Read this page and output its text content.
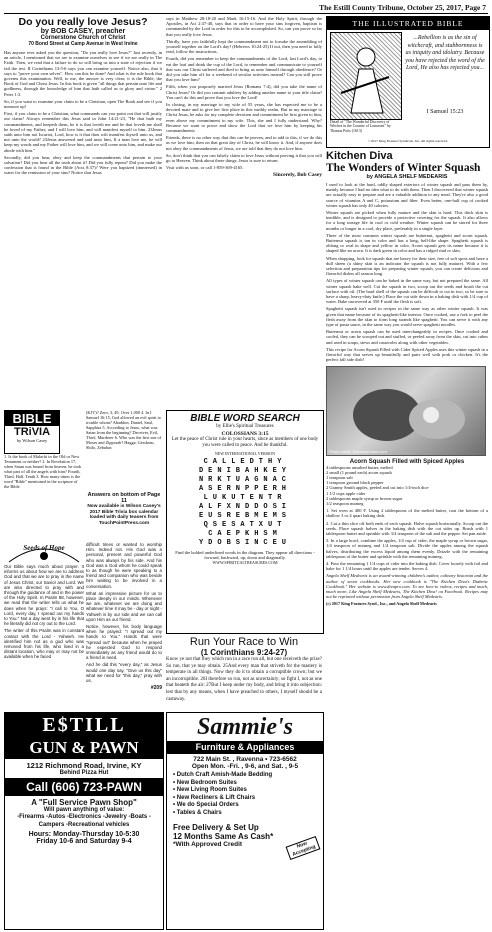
The Estill County Tribune, October 25, 2017, Page 7
Do you really love Jesus?
by BOB CASEY, preacher
Cornerstone Church of Christ
70 Bond Street at Camp Avenue in West Irvine

Has anyone ever asked you the question, "Do you really love Jesus?" Just recently, in an article, I mentioned that we are to examine ourselves to see if we are really in The Faith. Then, we read that a failure to do so will bring us into a state of rejection if we fail the test. II Corinthians 13:5-6 says you can examine yourself. Notice also, that it says to "prove your own selves". How can this be done? And what is the rule book that governs this examination. Well, to me, the answer is very clear; it is the Bible, the Book of God and Christ Jesus. In this book is given "all things that pertain unto life and godliness, through the knowledge of him that hath called us to glory and virtue." 2 Peter 1:3.

So, if you want to examine your claim to be a Christian, open The Book and see if you measure up!

First, if you claim to be a Christian, what commands can you point out that will justify our claim? Always remember this Jesus said in John 14:21-23, "He that hath my commandments, and keepeth them, he it is that loveth me and he that loveth me shall be loved of my Father, and I will love him, and will manifest myself to him. 23Jesus saith unto him not Iscariot, Lord, how is it that thou wilt manifest thyself unto us, and not unto the world? 23Jesus answered and said unto him, If a man love me, he will keep my words and my Father will love him, and we will come unto him, and make our abode with him."

Secondly, did you hear, obey and keep the commandments that pertain to your salvation? Did you hear all the truth about it? Did you fully repent? Did you make the confession that is found in the Bible (Acts 8:37)? Were you baptized (immersed) in water for the remission of your sins? Notice that Jesus

says in Matthew 28:18-20 and Mark 16:15-16. And the Holy Spirit, through the Apostles, in Act 2:37-40, says that in order to have your sins forgiven, baptism is commanded by the Lord in order for this to be accomplished. So, can you prove so far that you really love Jesus.

Thirdly, have you faithfully kept the commandment not to forsake the assembling of yourself together on the Lord's day? (Hebrews 10:24-25) If not, then you need to fully read, follow the instructions.

Fourth, did you remember to keep the commandments of the Lord, last Lord's day, to eat the loaf and drink the cup of the Lord, to remember and communicate to yourself that was our Christ suffered and died to bring us unto himself through obedience? Or did you take him off for a weekend of secular activities instead? Can you still prove that you love him?

Fifth, when you purposely married Jesus (Romans 7:4), did you take the name of Christ Jesus? Or did you commit adultery by adding another name to your title claim? You can't do this and prove that you love the Lord!

In closing, in my marriage to my wife of 55 years, she has expected me to be a devoted mate and to give her first place in this earthly realm. But in my marriage to Christ Jesus, he asks for my complete devotion and commitment he first given to him, even above my commitment to my wife. This, she and I fully understand. Why? Because we want to prove and show the Lord that we love him by keeping his commandments.

Friends, there is no other way that this can be proven, and to add to this, if we do this as we love him, then on that great day of Christ, he will know it. And, if anyone does not obey the commandments of Jesus, we are told that they do not love him.

So, don't think that you can falsely claim to love Jesus without proving it that you will go to Heaven. Think about these things. Jesus is sure to return.

Visit with us soon, or call 1-859-369-4165.

Sincerely, Bob Casey
THE ILLUSTRATED BIBLE
...Rebellion is as the sin of witchcraft, and stubbornness is as iniquity and idolatry. Because you have rejected the word of the Lord, He also has rejected you...
I Samuel 15:23
Detail of "The Wonderful Discovery of Witches in the Countie of Lancaster" by Thomas Potts (1613)
©2017 King Features Syndicate, Inc. All rights reserved.
Kitchen Diva
The Wonders of Winter Squash
by ANGELA SHELF MEDEARIS

I used to look at the hard, oddly shaped exteriors of winter squash and pass them by, mainly because I had no idea what to do with them. Then I discovered that winter squash are actually easy to prepare and are a valuable addition to any meal. They're also a good source of vitamins A and C, potassium and fiber. Even better, one-half cup of cooked winter squash has only 40 calories.

Winter squash are picked when fully mature and the skin is hard. This thick skin is inedible, and is designed to provide a protective covering for the squash. It also allows for a long storage life in cool or cold weather. Winter squash can be stored for three months or longer in a cool, dry place, preferably in a single layer.

Three of the most common winter squash are butternut, spaghetti and acorn squash. Butternut squash is tan in color and has a long, bell-like shape. Spaghetti squash is oblong or oval in shape and yellow in color. Acorn squash gets its name because it is shaped like an acorn. It is dark green in color and has a ridged rind or skin.

When shopping, look for squash that are heavy for their size, free of soft spots and have a dull sheen (a shiny skin is an indicator the squash is not fully mature). With a few selection and preparation tips for preparing winter squash, you can create delicious and flavorful dishes all season long.

All types of winter squash can be baked in the same way, but not prepared the same. All winter squash bake well. Cut the squash in two, scoop out the seeds and brush the cut surface with oil. (The hard shell of the squash can be difficult to cut in two, so be sure to have a sharp, heavy-duty knife.) Place the cut side down in a baking dish with 1/4 cup of water. Bake uncovered at 350 F until the flesh is soft.

Spaghetti squash isn't used in recipes in the same way as other winter squash. It was given that name because of its spaghetti-like interior. Once cooked, use a fork to peel the flesh away from the skin to form long strands like spaghetti. You can serve it with any type of pasta sauce, in the same way you would serve spaghetti noodles.

Butternut or acorn squash can be used interchangeably in recipes. Once cooked and cooled, they can be scooped out and stuffed, or peeled away from the skin, cut into cubes and used in soups, stews and casseroles along with other vegetables.

This recipe for Acorn Squash Filled with Cider Spiced Apples uses this winter squash in a flavorful way that serves up beautifully and pairs well with pork or chicken. It's the perfect fall side dish!

Photo credit: Depositphotos.com
Acorn Squash Filled with Spiced Apples
4 tablespoons unsalted butter, melted
2 small (1 pound each) acorn squash
1 teaspoon salt
1 teaspoon ground black pepper
2 Granny Smith apples, peeled and cut into 1/4-inch dice
1 1/2 cups apple cider
2 tablespoons maple syrup or brown sugar
1/2 teaspoon nutmeg

1. Set oven at 400 F. Using 2 tablespoons of the melted butter, coat the bottom of a shallow 3 or 4 quart baking dish.

2. Cut a thin slice off both ends of each squash. Halve squash horizontally. Scoop out the seeds. Place squash halves in the baking dish with the cut sides up. Brush with 1 tablespoon butter and sprinkle with 3/4 teaspoon of the salt and the pepper. Set pan aside.

3. In a large bowl, combine the apples, 1/4 cup of cider, the maple syrup or brown sugar, 1/4 teaspoon of nutmeg and 1/4 teaspoon salt. Divide the apples among the squash halves, distributing the excess liquid among them evenly. Drizzle with the remaining tablespoon of the butter and sprinkle with the remaining nutmeg.

4. Pour the remaining 1 1/4 cups of cider into the baking dish. Cover loosely with foil and bake for 1 1/4 hours until the apples are tender. Serves 4.

Angela Shelf Medearis is an award-winning children's author, culinary historian and the author of seven cookbooks. Her new cookbook is "The Kitchen Diva's Diabetic Cookbook." Her website is www.divapro.com. To see how-to videos, recipes and much, much more, Like Angela Shelf Medearis, The Kitchen Diva! on Facebook. Recipes may not be reprinted without permission from Angela Shelf Medearis.

(c) 2017 King Features Synd., Inc., and Angela Shelf Medearis
BIBLE
TRiVIA
by Wilson Casey
1. Is the book of Malachi in the Old or New Testament or neither? 2. In Revelation 17, when Satan was bound from heaven, he took what part of all the angels with him? Fourth, Third, Half, Tenth 3. How many times is the word "Bible" mentioned in the scripture of the Bible
(KJV)? Zero, 3, 49, Over 1,000 4. In I Samuel 16:15, God allowed an evil spirit to trouble whom? Abaddon, Daniel, Saul, Sapphira 5. According to Jesus, what was Satan from the beginning? Deceiver, Evil, Thief, Murderer 6. Who was the first son of Moses and Zipporah? Hagga, Gershom, Shilo, Zebulun
Answers on bottom of Page 11
Now available is Wilson Casey's 2017 Bible Trivia box calendar loaded with daily teasers from TouchPointPress.com
Seeds of Hope

Our Bible says much about prayer. It informs us about how we are to address God and that we are to pray in the name of Jesus Christ, our Savior and Lord. We are also directed to pray with and through the guidance of and in the power of the Holy Spirit. In Psalm 88, however, we read that the writer tells us what he does when he prays: "I call to You, O Lord, every day, I spread out my hands to You." Not a day went by in his life that he literally did not cry out to the Lord.

The writer of this Psalm was in constant contact with the Lord - Yahweh. He identified him not as a god who was removed from his life, who lived in a distant location, who may or may not be available when he faced

difficult times or wanted to worship Him. Indeed not. His God was a personal, present and powerful God who was always by his side. And his God was a God whom he could speak to as though he were speaking to a friend and companion who was beside him waiting to be involved in a conversation.

What an impressive picture for us to place deeply in our minds. Whenever we are, whatever we are doing and whatever time it may be - day or night - Yahweh is by our side and we can call upon Him as our friend.

Notice, however, his body language when he prayed: "I spread out my hands to You." Hands that were "spread out" because when he prayed he expected God to respond immediately as any friend would do to a friend in need.

And he did this "every day," as Jesus would one day say, "Give us this day" what we need for "this day," pray with us.

#209
BIBLE WORD SEARCH
by Ellie's Spiritual Treasures
COLOSSIANS 3:15
Let the peace of Christ rule in your hearts, since as members of one body you were called to peace. And be thankful.
NEW INTERNATIONAL VERSION
CALLEDTHY
DENIBAHKEY
NRKTUAGNAC
ASERNPPERH
LUKUTENTR
ALFXNDDOSI
EUSREBMEMS
QSESATXUT
CAEPKHSM
YDOBSINCEU
Find the bolded underlined words in the diagram. They appear all directions - forward, backward, up, down and diagonally.
WWW.SPIRITUALTREASURES.COM
Run Your Race to Win
(1 Corinthians 9:24-27)
Know ye not that they which run in a race run all, but one receiveth the prize? So run, that ye may obtain. 25And every man that striveth for the mastery is temperate in all things. Now they do it to obtain a corruptible crown; but we an incorruptible. 26I therefore so run, not as uncertainly; so fight I, not as one that beateth the air: 27But I keep under my body, and bring it into subjection: lest that by any means, when I have preached to others, I myself should be a castaway.
E$TILL
GUN & PAWN
1212 Richmond Road, Irvine, KY
Behind Pizza Hut
Call (606) 723-PAWN
A "Full Service Pawn Shop"
Will pawn anything of value:
-Firearms -Autos -Electronics -Jewelry -Boats -Campers -Recreational vehicles
Hours: Monday-Thursday 10-5:30
Friday 10-6 and Saturday 9-4
Sammie's
Furniture & Appliances
722 Main St. , Ravenna • 723-6562
Open Mon. -Fri. , 9-6, and Sat. , 9-5
• Dutch Craft Amish-Made Bedding
• New Bedroom Suites
• New Living Room Suites
• New Recliners & Lift Chairs
• We do Special Orders
• Tables & Chairs
Now Accepting
Free Delivery & Set Up
12 Months Same As Cash*
*With Approved Credit
